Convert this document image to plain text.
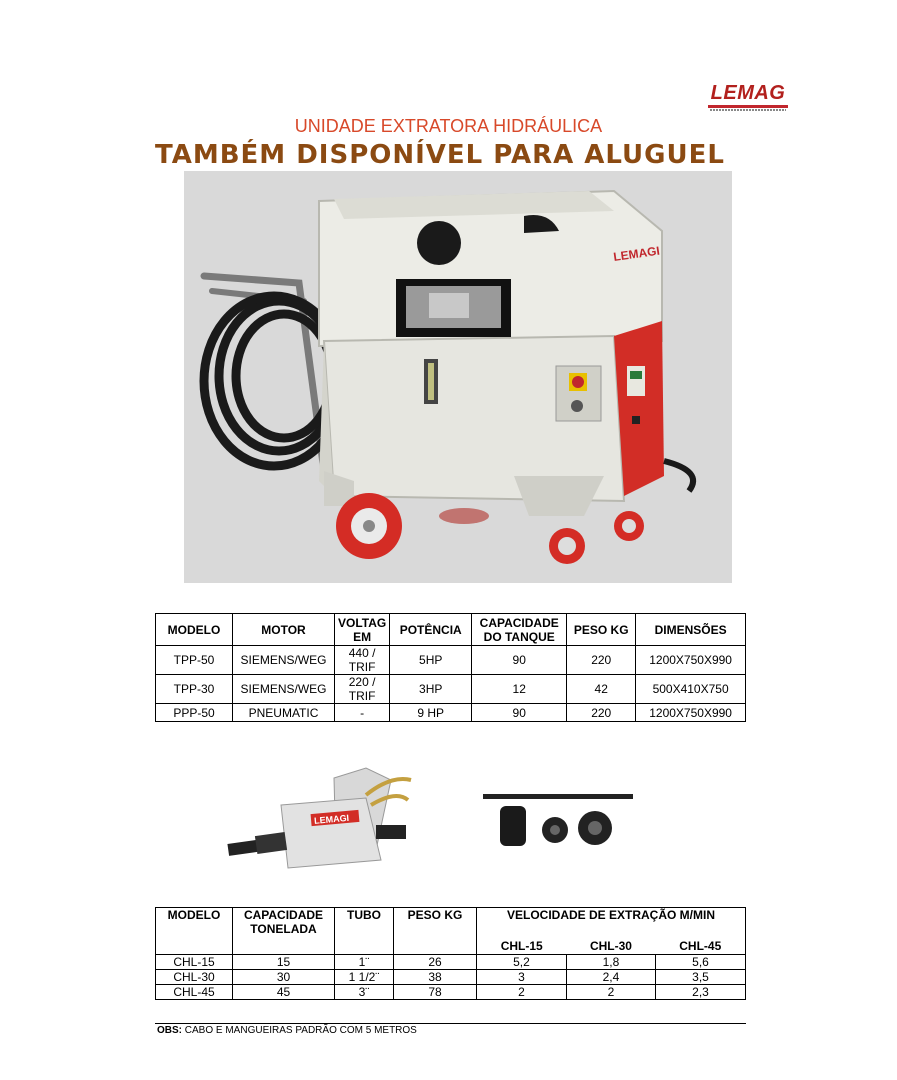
LEMAG
UNIDADE EXTRATORA HIDRÁULICA
TAMBÉM DISPONÍVEL PARA ALUGUEL
LEMAGI
MODELO	MOTOR	VOLTAG EM	POTÊNCIA	CAPACIDADE DO TANQUE	PESO KG	DIMENSÕES
TPP-50	SIEMENS/WEG	440 / TRIF	5HP	90	220	1200X750X990
TPP-30	SIEMENS/WEG	220 / TRIF	3HP	12	42	500X410X750
PPP-50	PNEUMATIC	-	9 HP	90	220	1200X750X990
LEMAGI
MODELO	CAPACIDADE TONELADA	TUBO	PESO KG	VELOCIDADE DE EXTRAÇÃO M/MIN		
				CHL-15	CHL-30	CHL-45
CHL-15	15	1¨	26	5,2	1,8	5,6
CHL-30	30	1 1/2¨	38	3	2,4	3,5
CHL-45	45	3¨	78	2	2	2,3
OBS: CABO E MANGUEIRAS PADRÃO COM 5 METROS
